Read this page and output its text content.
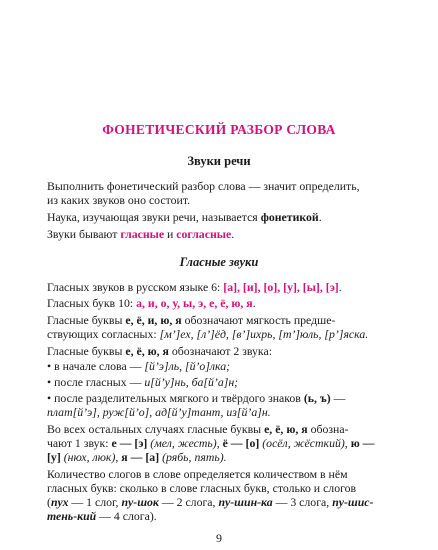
ФОНЕТИЧЕСКИЙ РАЗБОР СЛОВА
Звуки речи
Выполнить фонетический разбор слова — значит определить,
из каких звуков оно состоит.
Наука, изучающая звуки речи, называется фонетикой.
Звуки бывают гласные и согласные.
Гласные звуки
Гласных звуков в русском языке 6: [а], [и], [о], [у], [ы], [э].
Гласных букв 10: а, и, о, у, ы, э, е, ё, ю, я.
Гласные буквы е, ё, и, ю, я обозначают мягкость предше-
ствующих согласных: [м’]ех, [л’]ёд, [в’]ихрь, [т’]юль, [р’]яска.
Гласные буквы е, ё, ю, я обозначают 2 звука:
• в начале слова — [й’э]ль, [й’о]лка;
• после гласных — и[й’у]нь, ба[й’а]н;
• после разделительных мягкого и твёрдого знаков (ь, ъ) —
плат[й’э], руж[й’о], ад[й’у]тант, из[й’а]н.
Во всех остальных случаях гласные буквы е, ё, ю, я обозна-
чают 1 звук: е — [э] (мел, жесть), ё — [о] (осёл, жёсткий), ю —
[у] (нюх, люк), я — [а] (рябь, пять).
Количество слогов в слове определяется количеством в нём
гласных букв: сколько в слове гласных букв, столько и слогов
(пух — 1 слог, пу-шок — 2 слога, пу-шин-ка — 3 слога, пу-шис-
тень-кий — 4 слога).
9
